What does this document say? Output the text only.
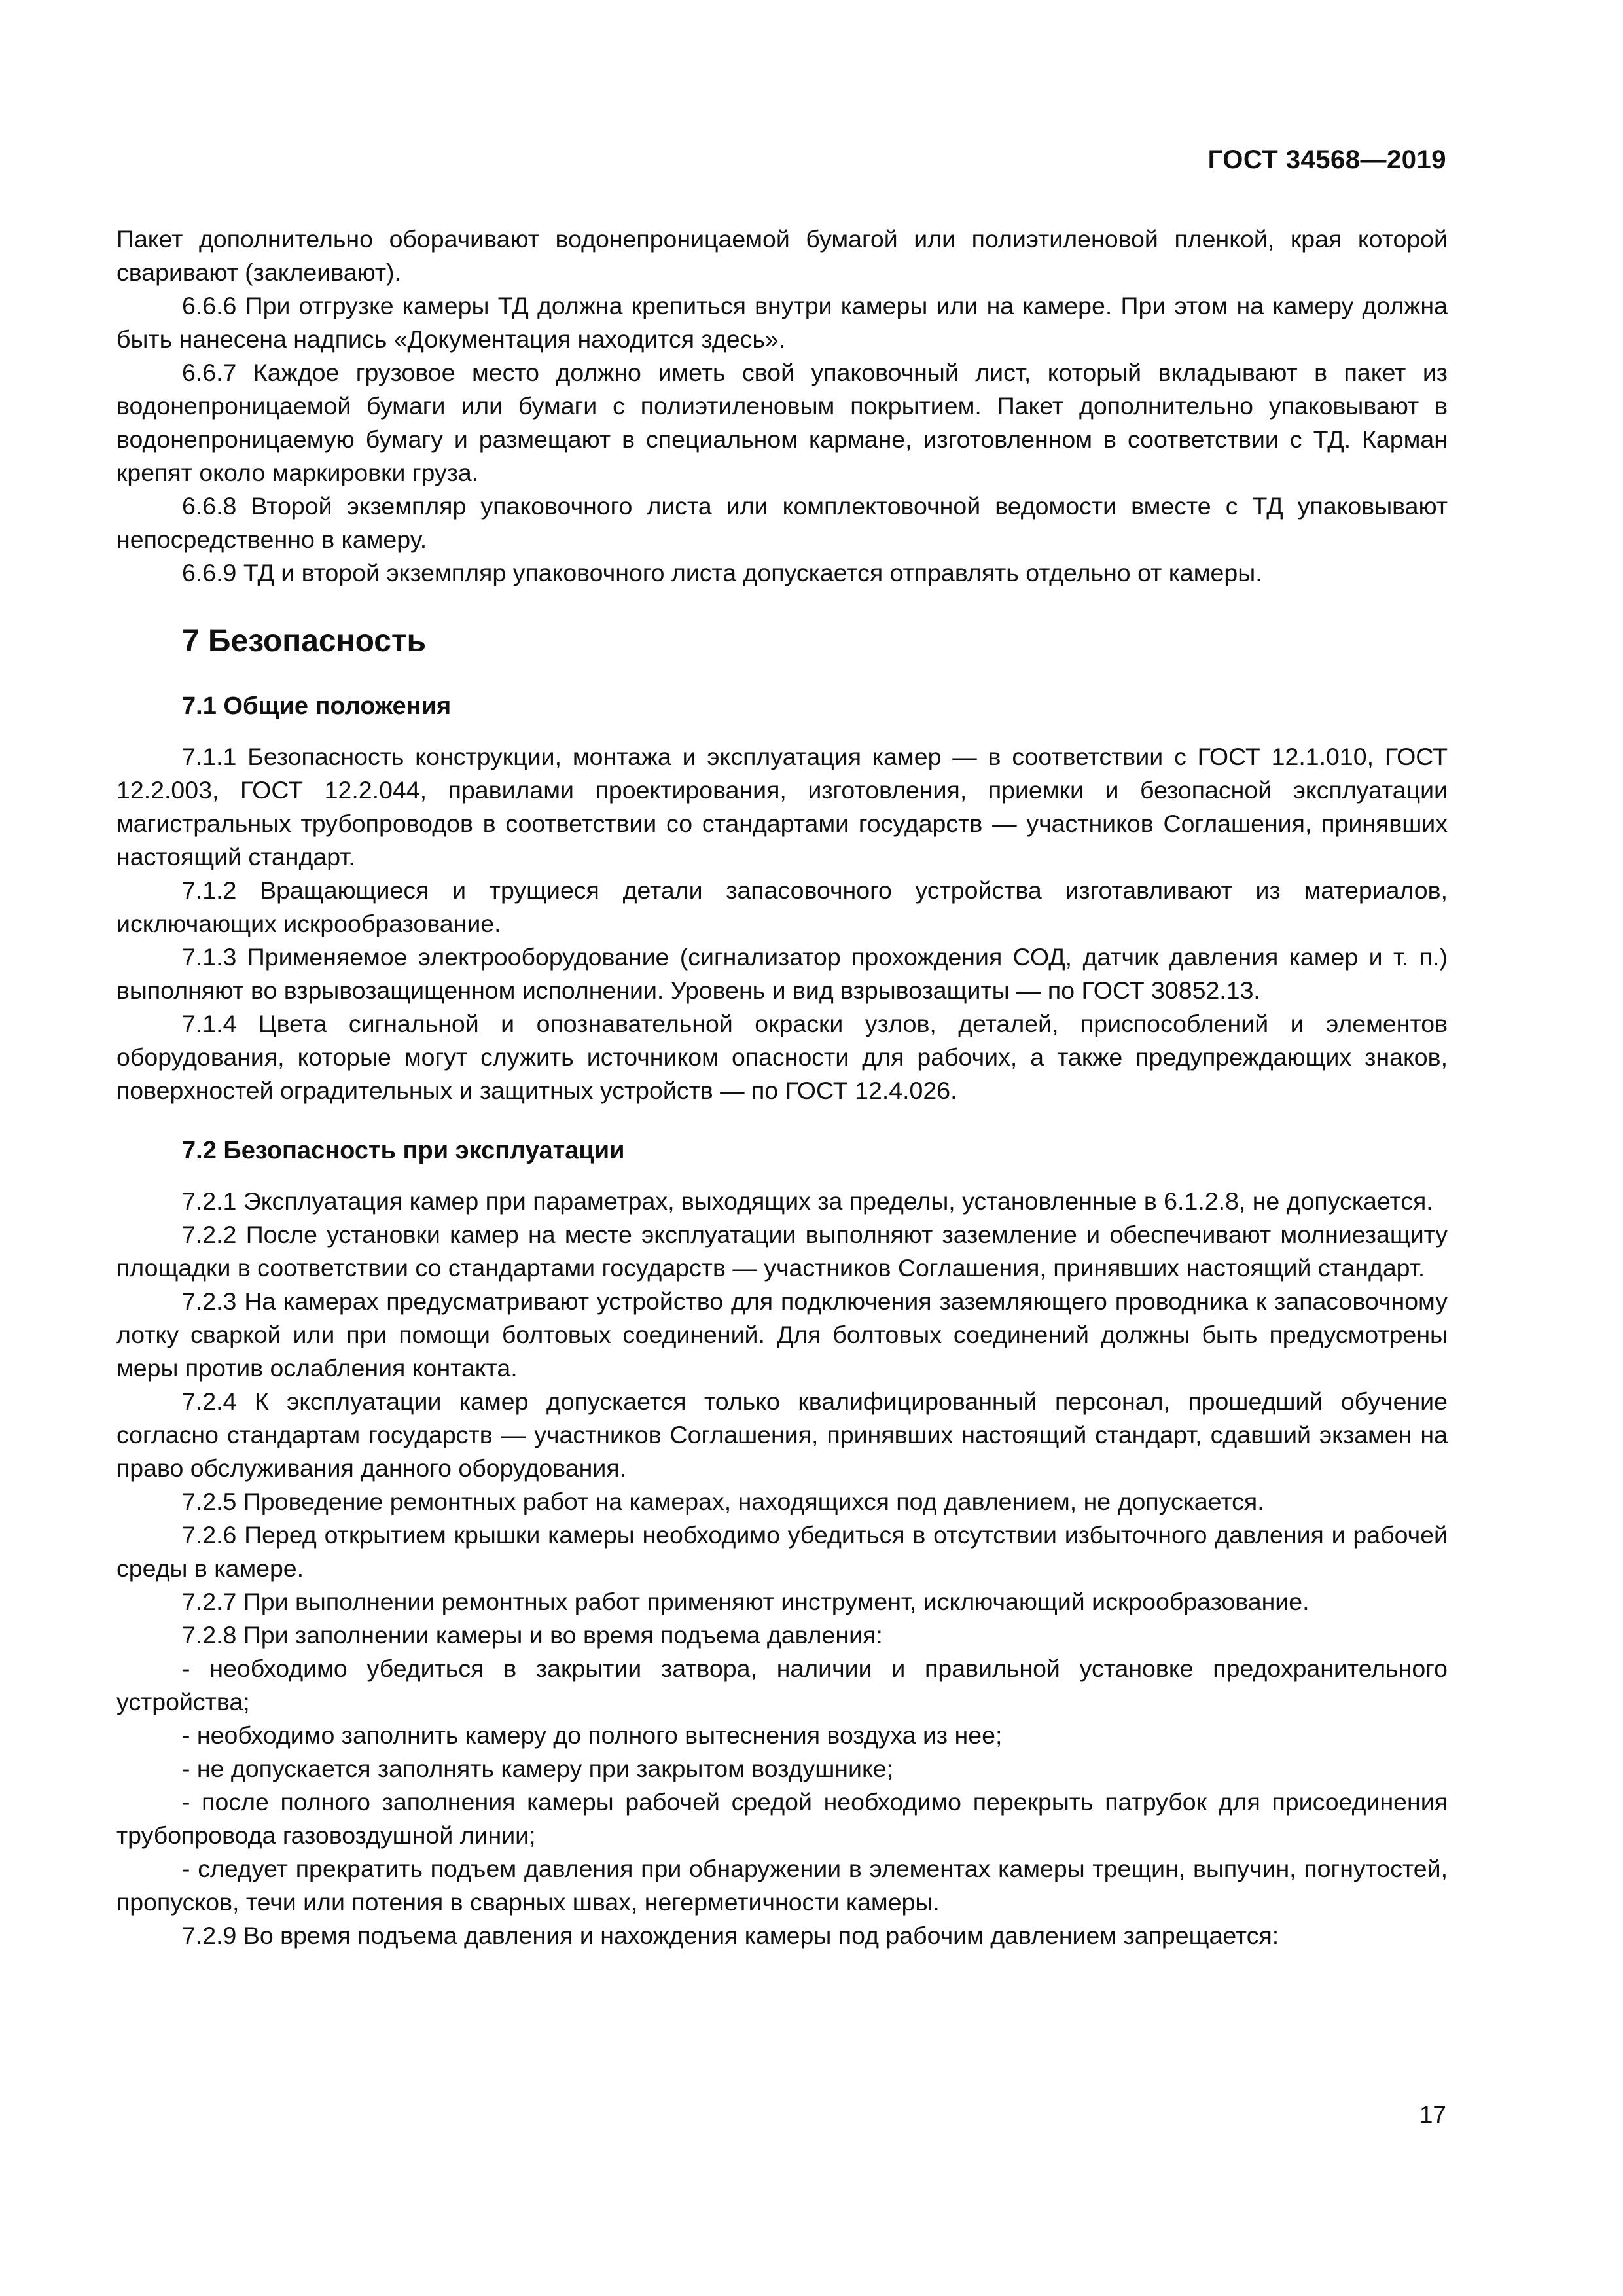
ГОСТ 34568—2019

Пакет дополнительно оборачивают водонепроницаемой бумагой или полиэтиленовой пленкой, края которой сваривают (заклеивают).

6.6.6 При отгрузке камеры ТД должна крепиться внутри камеры или на камере. При этом на камеру должна быть нанесена надпись «Документация находится здесь».

6.6.7 Каждое грузовое место должно иметь свой упаковочный лист, который вкладывают в пакет из водонепроницаемой бумаги или бумаги с полиэтиленовым покрытием. Пакет дополнительно упаковывают в водонепроницаемую бумагу и размещают в специальном кармане, изготовленном в соответствии с ТД. Карман крепят около маркировки груза.

6.6.8 Второй экземпляр упаковочного листа или комплектовочной ведомости вместе с ТД упаковывают непосредственно в камеру.

6.6.9 ТД и второй экземпляр упаковочного листа допускается отправлять отдельно от камеры.

7 Безопасность
7.1 Общие положения

7.1.1 Безопасность конструкции, монтажа и эксплуатация камер — в соответствии с ГОСТ 12.1.010, ГОСТ 12.2.003, ГОСТ 12.2.044, правилами проектирования, изготовления, приемки и безопасной эксплуатации магистральных трубопроводов в соответствии со стандартами государств — участников Соглашения, принявших настоящий стандарт.

7.1.2 Вращающиеся и трущиеся детали запасовочного устройства изготавливают из материалов, исключающих искрообразование.

7.1.3 Применяемое электрооборудование (сигнализатор прохождения СОД, датчик давления камер и т. п.) выполняют во взрывозащищенном исполнении. Уровень и вид взрывозащиты — по ГОСТ 30852.13.

7.1.4 Цвета сигнальной и опознавательной окраски узлов, деталей, приспособлений и элементов оборудования, которые могут служить источником опасности для рабочих, а также предупреждающих знаков, поверхностей оградительных и защитных устройств — по ГОСТ 12.4.026.

7.2 Безопасность при эксплуатации

7.2.1 Эксплуатация камер при параметрах, выходящих за пределы, установленные в 6.1.2.8, не допускается.

7.2.2 После установки камер на месте эксплуатации выполняют заземление и обеспечивают молниезащиту площадки в соответствии со стандартами государств — участников Соглашения, принявших настоящий стандарт.

7.2.3 На камерах предусматривают устройство для подключения заземляющего проводника к запасовочному лотку сваркой или при помощи болтовых соединений. Для болтовых соединений должны быть предусмотрены меры против ослабления контакта.

7.2.4 К эксплуатации камер допускается только квалифицированный персонал, прошедший обучение согласно стандартам государств — участников Соглашения, принявших настоящий стандарт, сдавший экзамен на право обслуживания данного оборудования.

7.2.5 Проведение ремонтных работ на камерах, находящихся под давлением, не допускается.

7.2.6 Перед открытием крышки камеры необходимо убедиться в отсутствии избыточного давления и рабочей среды в камере.

7.2.7 При выполнении ремонтных работ применяют инструмент, исключающий искрообразование.

7.2.8 При заполнении камеры и во время подъема давления:

- необходимо убедиться в закрытии затвора, наличии и правильной установке предохранительного устройства;

- необходимо заполнить камеру до полного вытеснения воздуха из нее;

- не допускается заполнять камеру при закрытом воздушнике;

- после полного заполнения камеры рабочей средой необходимо перекрыть патрубок для присоединения трубопровода газовоздушной линии;

- следует прекратить подъем давления при обнаружении в элементах камеры трещин, выпучин, погнутостей, пропусков, течи или потения в сварных швах, негерметичности камеры.

7.2.9 Во время подъема давления и нахождения камеры под рабочим давлением запрещается:

17
